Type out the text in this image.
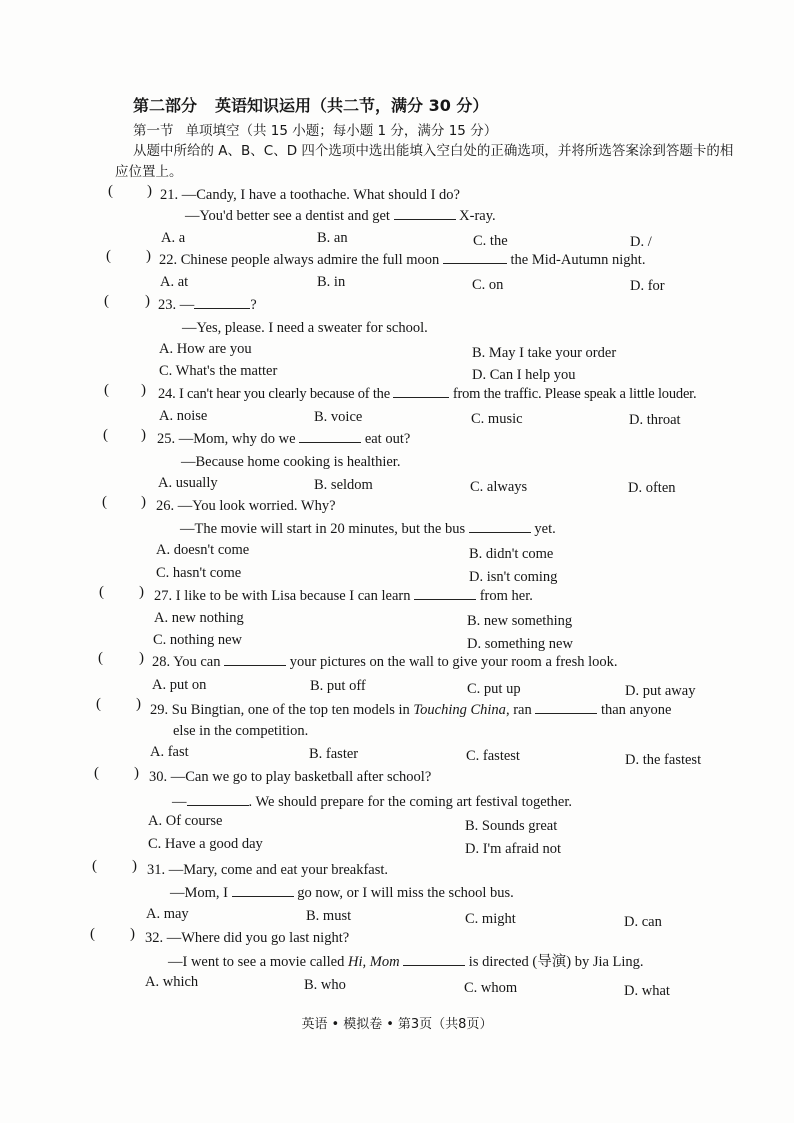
第二部分 英语知识运用（共二节，满分 30 分）
第一节 单项填空（共 15 小题；每小题 1 分，满分 15 分）
从题中所给的 A、B、C、D 四个选项中选出能填入空白处的正确选项，并将所选答案涂到答题卡的相应位置上。
( ) 21. —Candy, I have a toothache. What should I do?
—You'd better see a dentist and get	X-ray.
A. a	B. an	C. the	D. /
( ) 22. Chinese people always admire the full moon	the Mid-Autumn night.
A. at	B. in	C. on	D. for
( ) 23. —	?
—Yes, please. I need a sweater for school.
A. How are you	B. May I take your order
C. What's the matter	D. Can I help you
( ) 24. I can't hear you clearly because of the	from the traffic. Please speak a little louder.
A. noise	B. voice	C. music	D. throat
( ) 25. —Mom, why do we	eat out?
—Because home cooking is healthier.
A. usually	B. seldom	C. always	D. often
( ) 26. —You look worried. Why?
—The movie will start in 20 minutes, but the bus	yet.
A. doesn't come	B. didn't come
C. hasn't come	D. isn't coming
( ) 27. I like to be with Lisa because I can learn	from her.
A. new nothing	B. new something
C. nothing new	D. something new
( ) 28. You can	your pictures on the wall to give your room a fresh look.
A. put on	B. put off	C. put up	D. put away
( ) 29. Su Bingtian, one of the top ten models in Touching China, ran	than anyone
else in the competition.
A. fast	B. faster	C. fastest	D. the fastest
( ) 30. —Can we go to play basketball after school?
—	. We should prepare for the coming art festival together.
A. Of course	B. Sounds great
C. Have a good day	D. I'm afraid not
( ) 31. —Mary, come and eat your breakfast.
—Mom, I	go now, or I will miss the school bus.
A. may	B. must	C. might	D. can
( ) 32. —Where did you go last night?
—I went to see a movie called Hi, Mom	is directed (导演) by Jia Ling.
A. which	B. who	C. whom	D. what
英语 • 模拟卷 • 第3页（共8页）
